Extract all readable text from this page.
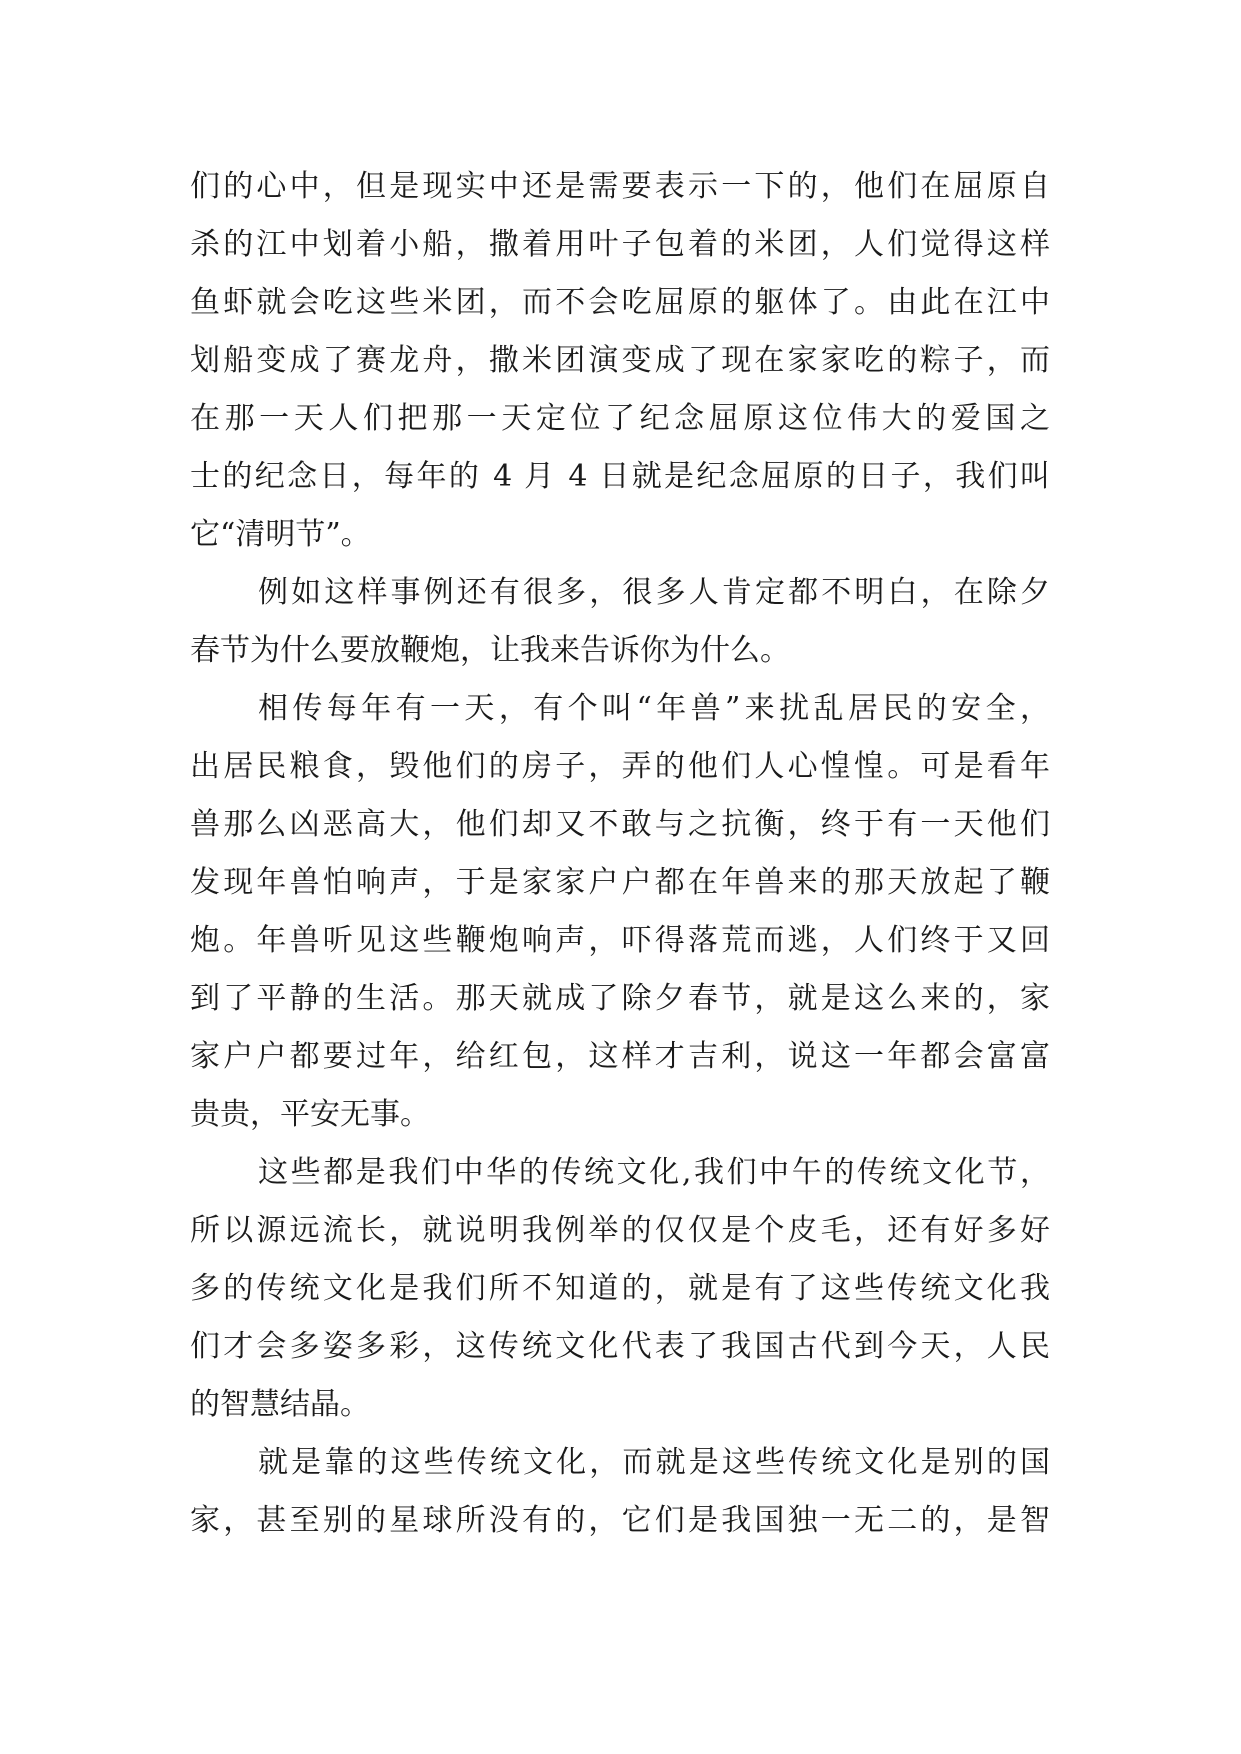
们的心中，但是现实中还是需要表示一下的，他们在屈原自
杀的江中划着小船，撒着用叶子包着的米团，人们觉得这样
鱼虾就会吃这些米团，而不会吃屈原的躯体了。由此在江中
划船变成了赛龙舟，撒米团演变成了现在家家吃的粽子，而
在那一天人们把那一天定位了纪念屈原这位伟大的爱国之
士的纪念日，每年的 4 月 4 日就是纪念屈原的日子，我们叫
它“清明节”。
例如这样事例还有很多，很多人肯定都不明白，在除夕
春节为什么要放鞭炮，让我来告诉你为什么。
相传每年有一天，有个叫“年兽”来扰乱居民的安全，
出居民粮食，毁他们的房子，弄的他们人心惶惶。可是看年
兽那么凶恶高大，他们却又不敢与之抗衡，终于有一天他们
发现年兽怕响声，于是家家户户都在年兽来的那天放起了鞭
炮。年兽听见这些鞭炮响声，吓得落荒而逃，人们终于又回
到了平静的生活。那天就成了除夕春节，就是这么来的，家
家户户都要过年，给红包，这样才吉利，说这一年都会富富
贵贵，平安无事。
这些都是我们中华的传统文化,我们中午的传统文化节，
所以源远流长，就说明我例举的仅仅是个皮毛，还有好多好
多的传统文化是我们所不知道的，就是有了这些传统文化我
们才会多姿多彩，这传统文化代表了我国古代到今天，人民
的智慧结晶。
就是靠的这些传统文化，而就是这些传统文化是别的国
家，甚至别的星球所没有的，它们是我国独一无二的，是智
